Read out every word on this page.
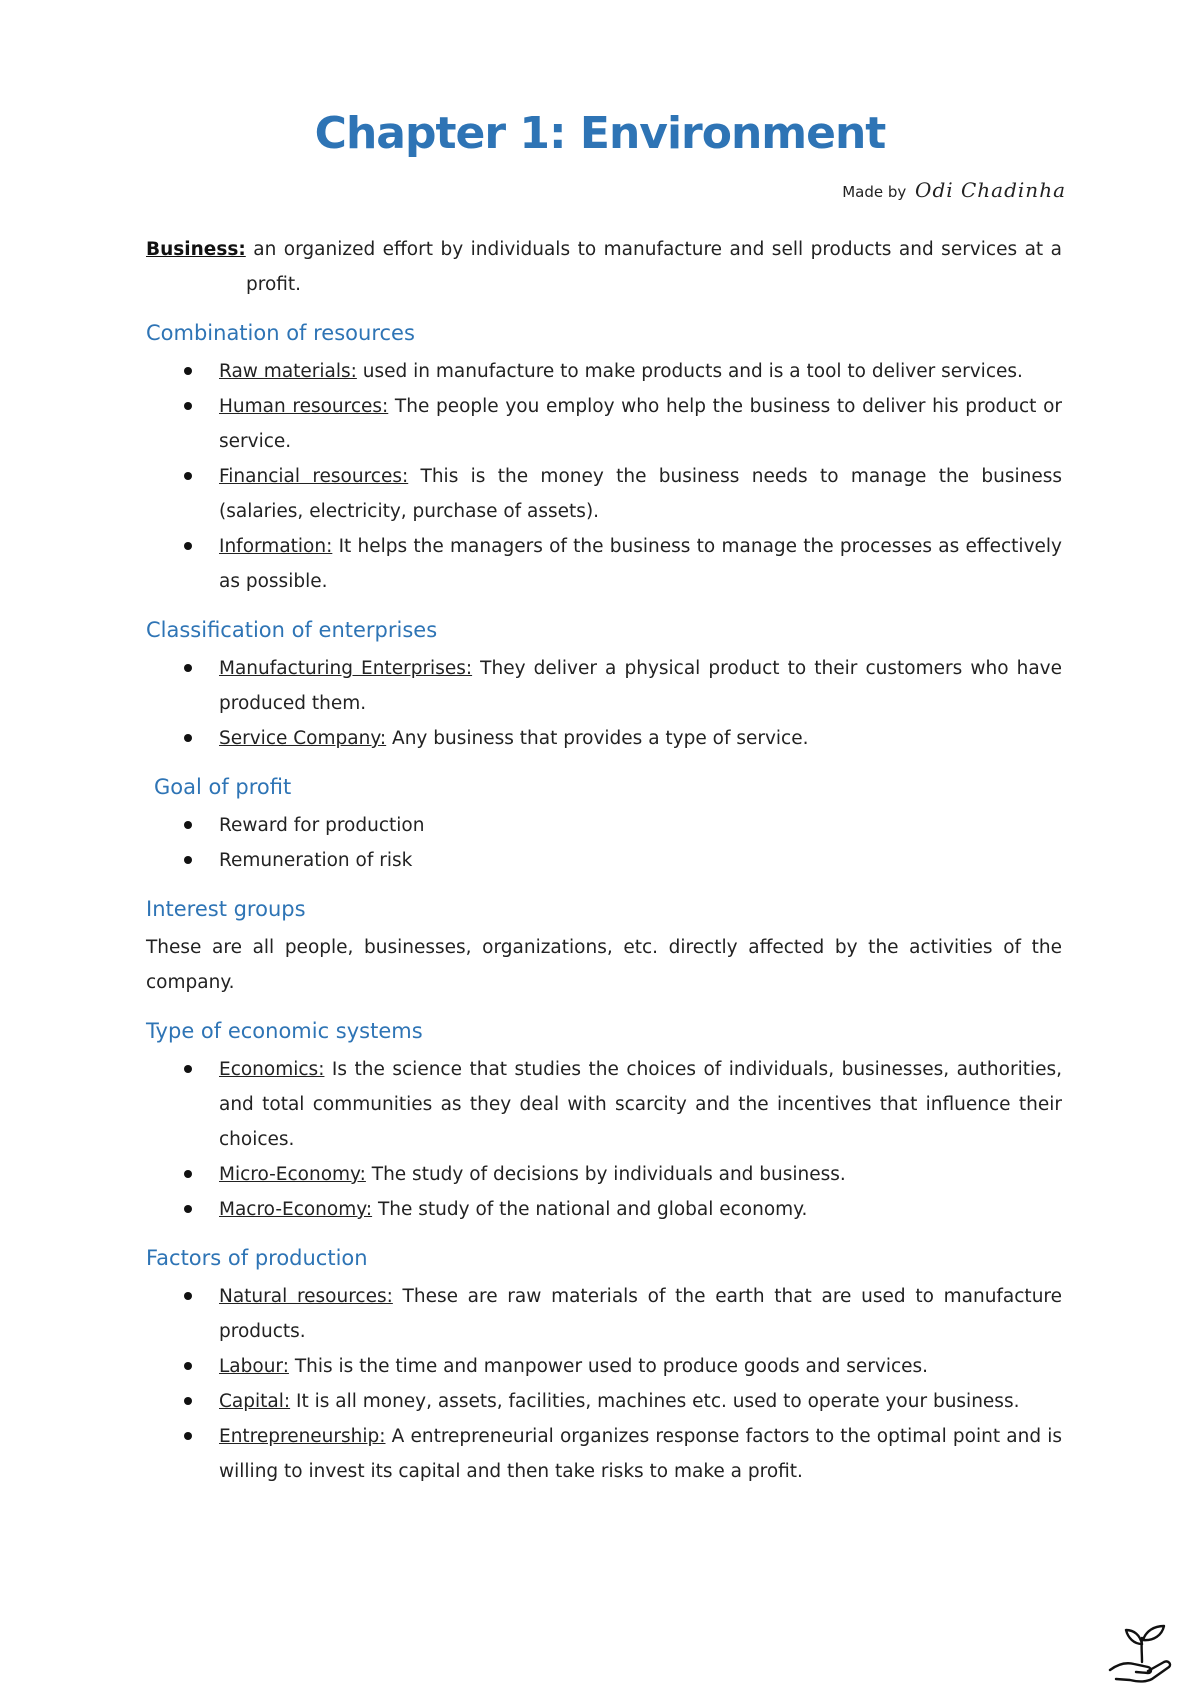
Chapter 1: Environment
Made by Odi Chadinha

Business: an organized effort by individuals to manufacture and sell products and services at a profit.

Combination of resources
Raw materials: used in manufacture to make products and is a tool to deliver services.
Human resources: The people you employ who help the business to deliver his product or service.
Financial resources: This is the money the business needs to manage the business (salaries, electricity, purchase of assets).
Information: It helps the managers of the business to manage the processes as effectively as possible.
Classification of enterprises
Manufacturing Enterprises: They deliver a physical product to their customers who have produced them.
Service Company: Any business that provides a type of service.
Goal of profit
Reward for production
Remuneration of risk
Interest groups

These are all people, businesses, organizations, etc. directly affected by the activities of the company.

Type of economic systems
Economics: Is the science that studies the choices of individuals, businesses, authorities, and total communities as they deal with scarcity and the incentives that influence their choices.
Micro-Economy: The study of decisions by individuals and business.
Macro-Economy: The study of the national and global economy.
Factors of production
Natural resources: These are raw materials of the earth that are used to manufacture products.
Labour: This is the time and manpower used to produce goods and services.
Capital: It is all money, assets, facilities, machines etc. used to operate your business.
Entrepreneurship: A entrepreneurial organizes response factors to the optimal point and is willing to invest its capital and then take risks to make a profit.
